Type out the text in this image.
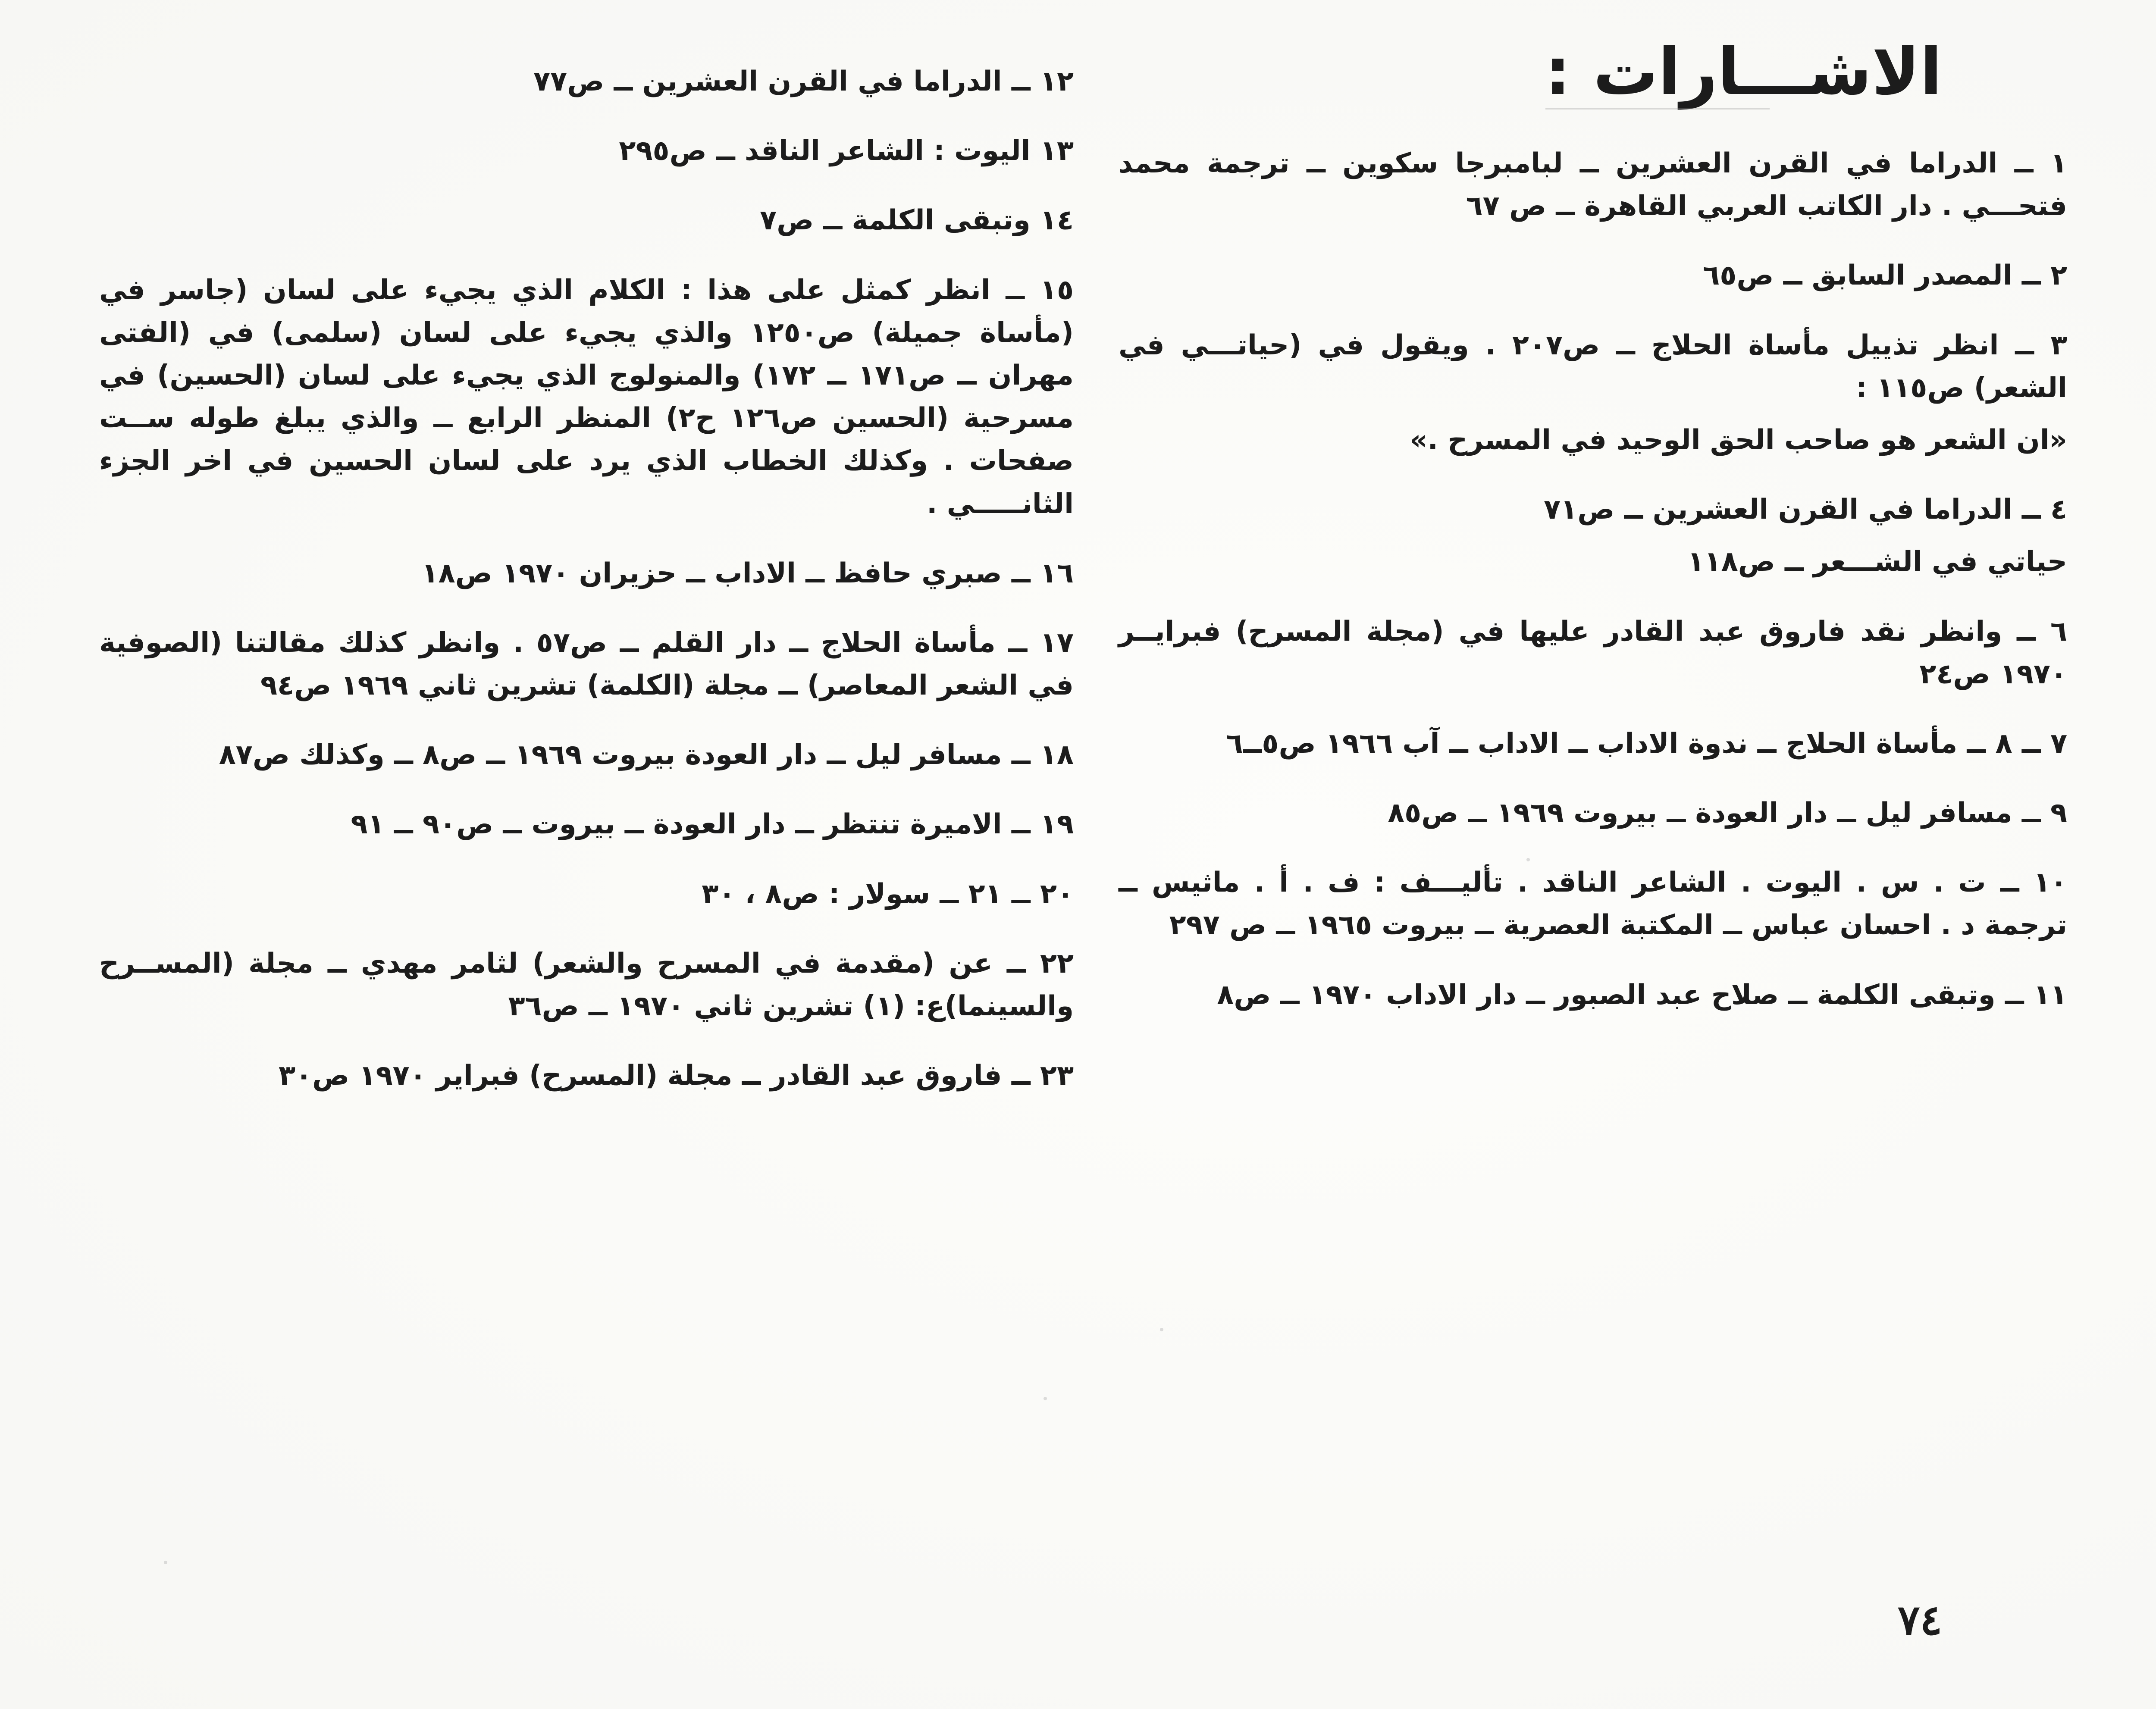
الاشـــارات :

١ ــ الدراما في القرن العشرين ــ لبامبرجا سكوين ــ ترجمة محمد فتحـــي . دار الكاتب العربي القاهرة ــ ص ٦٧

٢ ــ المصدر السابق ــ ص٦٥

٣ ــ انظر تذييل مأساة الحلاج ــ ص٢٠٧ . ويقول في (حياتـــي في الشعر) ص١١٥ :

«ان الشعر هو صاحب الحق الوحيد في المسرح .»

٤ ــ الدراما في القرن العشرين ــ ص٧١

حياتي في الشـــعر ــ ص١١٨

٦ ــ وانظر نقد فاروق عبد القادر عليها في (مجلة المسرح) فبرايــر ١٩٧٠ ص٢٤

٧ ــ ٨ ــ مأساة الحلاج ــ ندوة الاداب ــ الاداب ــ آب ١٩٦٦ ص٥ــ٦

٩ ــ مسافر ليل ــ دار العودة ــ بيروت ١٩٦٩ ــ ص٨٥

١٠ ــ ت . س . اليوت . الشاعر الناقد . تأليـــف : ف . أ . ماثيس ــ ترجمة د . احسان عباس ــ المكتبة العصرية ــ بيروت ١٩٦٥ ــ ص ٢٩٧

١١ ــ وتبقى الكلمة ــ صلاح عبد الصبور ــ دار الاداب ١٩٧٠ ــ ص٨

١٢ ــ الدراما في القرن العشرين ــ ص٧٧

١٣ اليوت : الشاعر الناقد ــ ص٢٩٥

١٤ وتبقى الكلمة ــ ص٧

١٥ ــ انظر كمثل على هذا : الكلام الذي يجيء على لسان (جاسر في (مأساة جميلة) ص١٢٥٠ والذي يجيء على لسان (سلمى) في (الفتى مهران ــ ص١٧١ ــ ١٧٢) والمنولوج الذي يجيء على لسان (الحسين) في مسرحية (الحسين ص١٢٦ ح٢) المنظر الرابع ــ والذي يبلغ طوله ســت صفحات . وكذلك الخطاب الذي يرد على لسان الحسين في اخر الجزء الثانـــــي .

١٦ ــ صبري حافظ ــ الاداب ــ حزيران ١٩٧٠ ص١٨

١٧ ــ مأساة الحلاج ــ دار القلم ــ ص٥٧ . وانظر كذلك مقالتنا (الصوفية في الشعر المعاصر) ــ مجلة (الكلمة) تشرين ثاني ١٩٦٩ ص٩٤

١٨ ــ مسافر ليل ــ دار العودة بيروت ١٩٦٩ ــ ص٨ ــ وكذلك ص٨٧

١٩ ــ الاميرة تنتظر ــ دار العودة ــ بيروت ــ ص٩٠ ــ ٩١

٢٠ ــ ٢١ ــ سولار : ص٨ ، ٣٠

٢٢ ــ عن (مقدمة في المسرح والشعر) لثامر مهدي ــ مجلة (المســرح والسينما)ع: (١) تشرين ثاني ١٩٧٠ ــ ص٣٦

٢٣ ــ فاروق عبد القادر ــ مجلة (المسرح) فبراير ١٩٧٠ ص٣٠

٧٤
